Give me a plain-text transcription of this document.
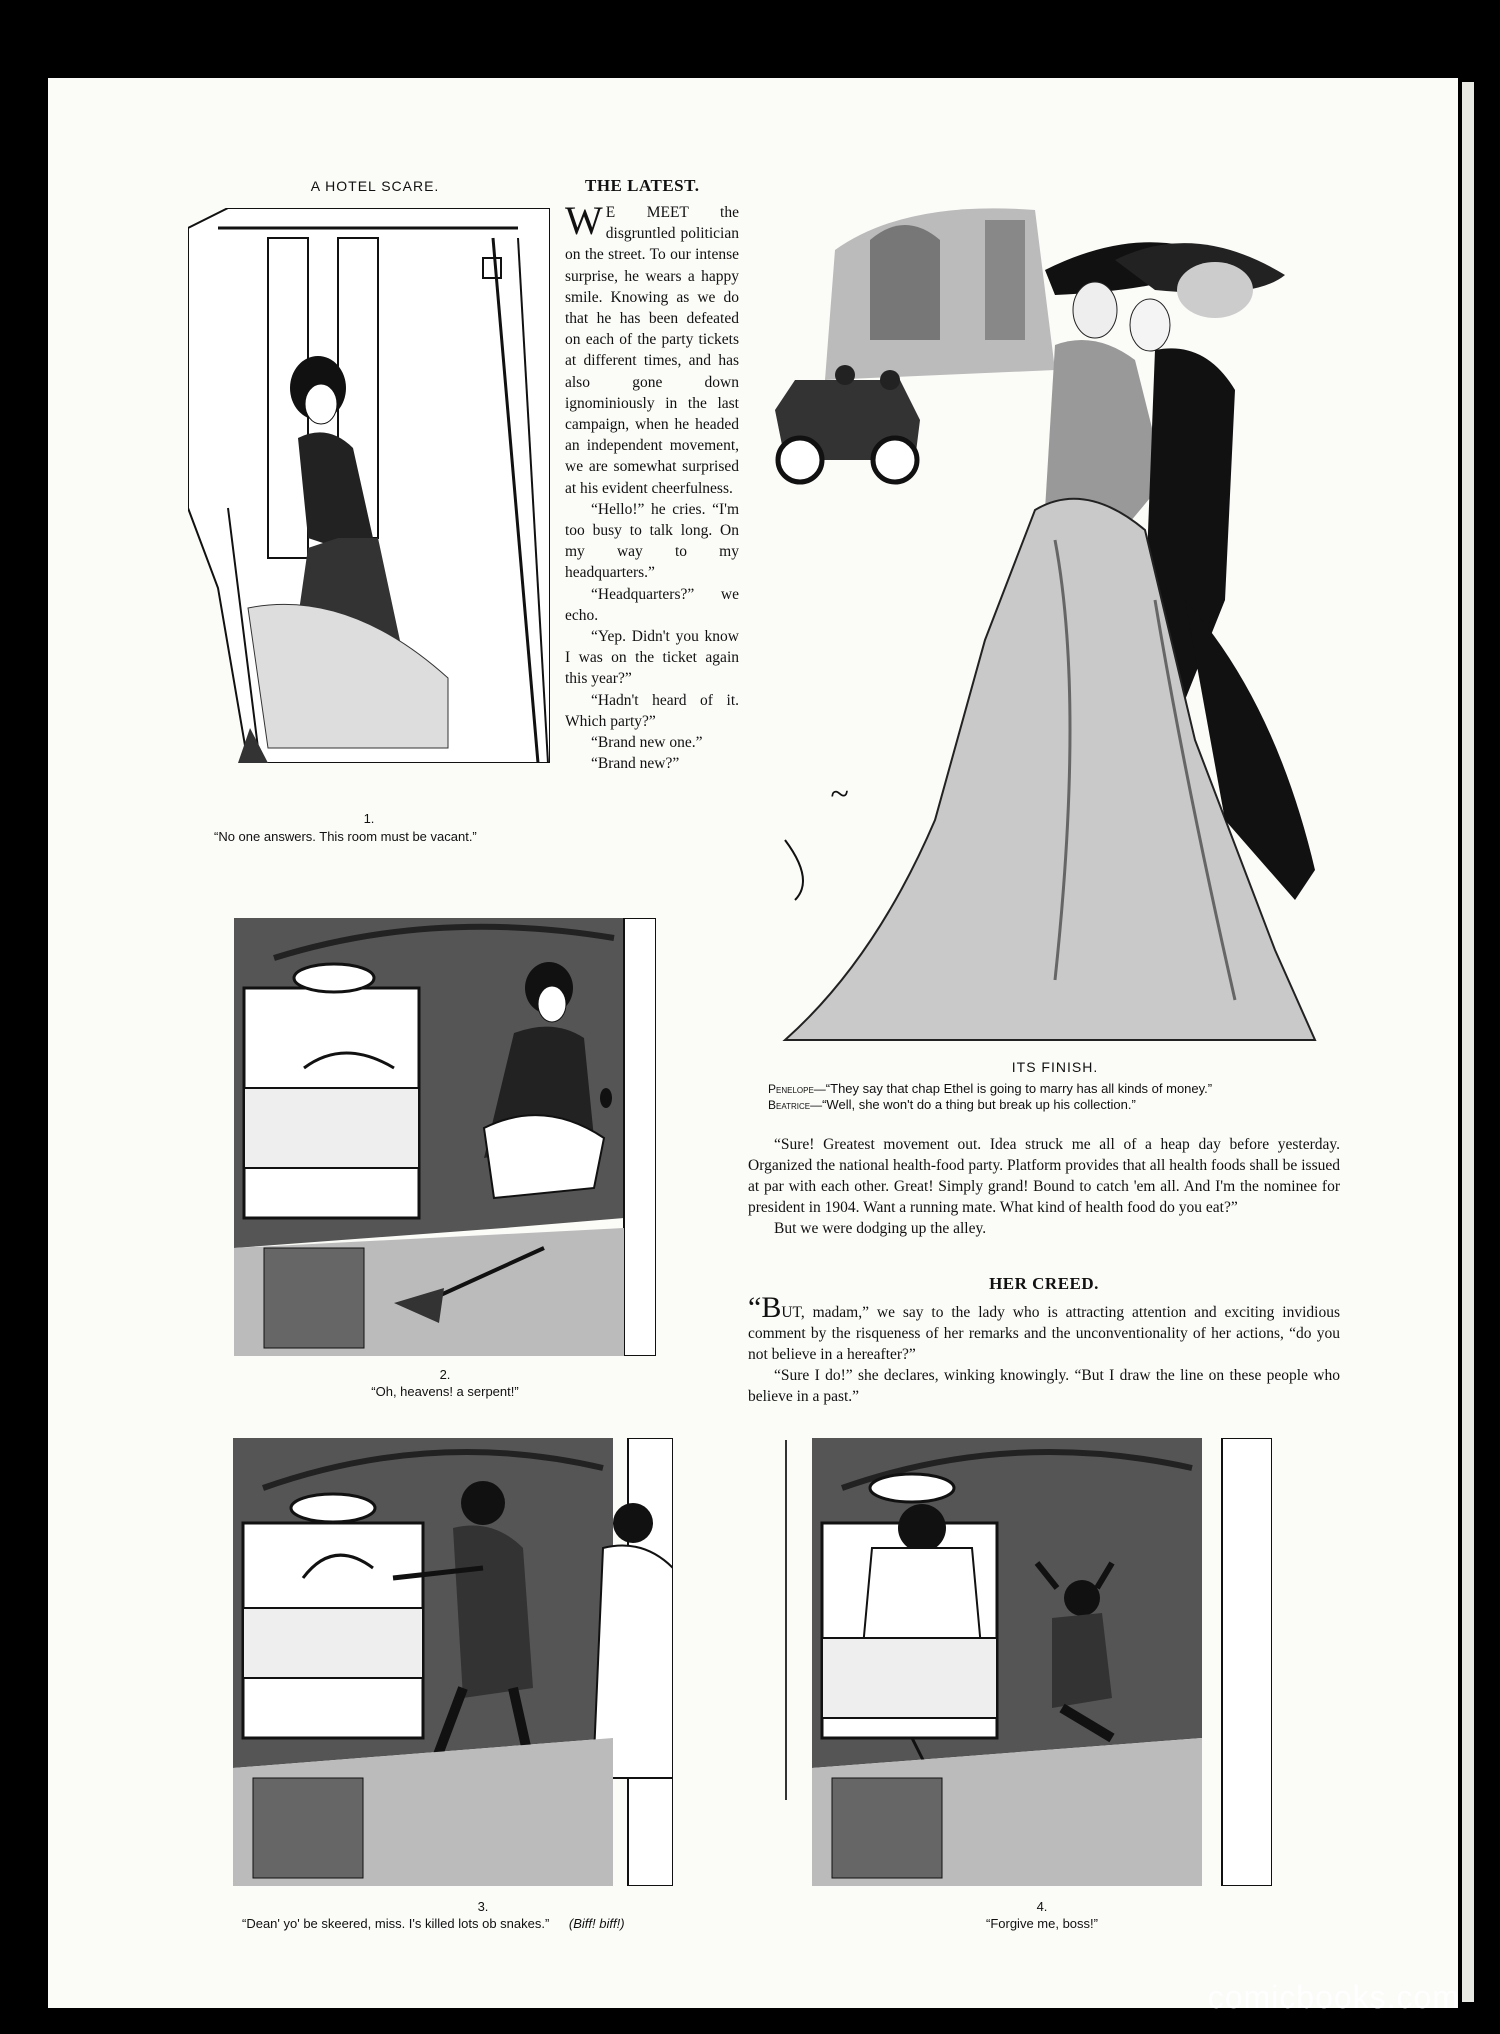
A HOTEL SCARE.
1.
“No one answers. This room must be vacant.”
THE LATEST.

W E MEET the disgruntled politician on the street. To our intense surprise, he wears a happy smile. Knowing as we do that he has been defeated on each of the party tickets at different times, and has also gone down ignominiously in the last campaign, when he headed an independent movement, we are somewhat surprised at his evident cheerfulness.

“Hello!” he cries. “I'm too busy to talk long. On my way to my headquarters.”

“Headquarters?” we echo.

“Yep. Didn't you know I was on the ticket again this year?”

“Hadn't heard of it. Which party?”

“Brand new one.”

“Brand new?”

~
ITS FINISH.
Penelope—“They say that chap Ethel is going to marry has all kinds of money.”
Beatrice—“Well, she won't do a thing but break up his collection.”

“Sure! Greatest movement out. Idea struck me all of a heap day before yesterday. Organized the national health-food party. Platform provides that all health foods shall be issued at par with each other. Great! Simply grand! Bound to catch 'em all. And I'm the nominee for president in 1904. Want a running mate. What kind of health food do you eat?”

But we were dodging up the alley.

2.
“Oh, heavens! a serpent!”
HER CREED.

“BUT, madam,” we say to the lady who is attracting attention and exciting invidious comment by the risqueness of her remarks and the unconventionality of her actions, “do you not believe in a hereafter?”

“Sure I do!” she declares, winking knowingly. “But I draw the line on these people who believe in a past.”

3.
“Dean' yo' be skeered, miss. I's killed lots ob snakes.” (Biff! biff!)
4.
“Forgive me, boss!”
comicbooks.com
